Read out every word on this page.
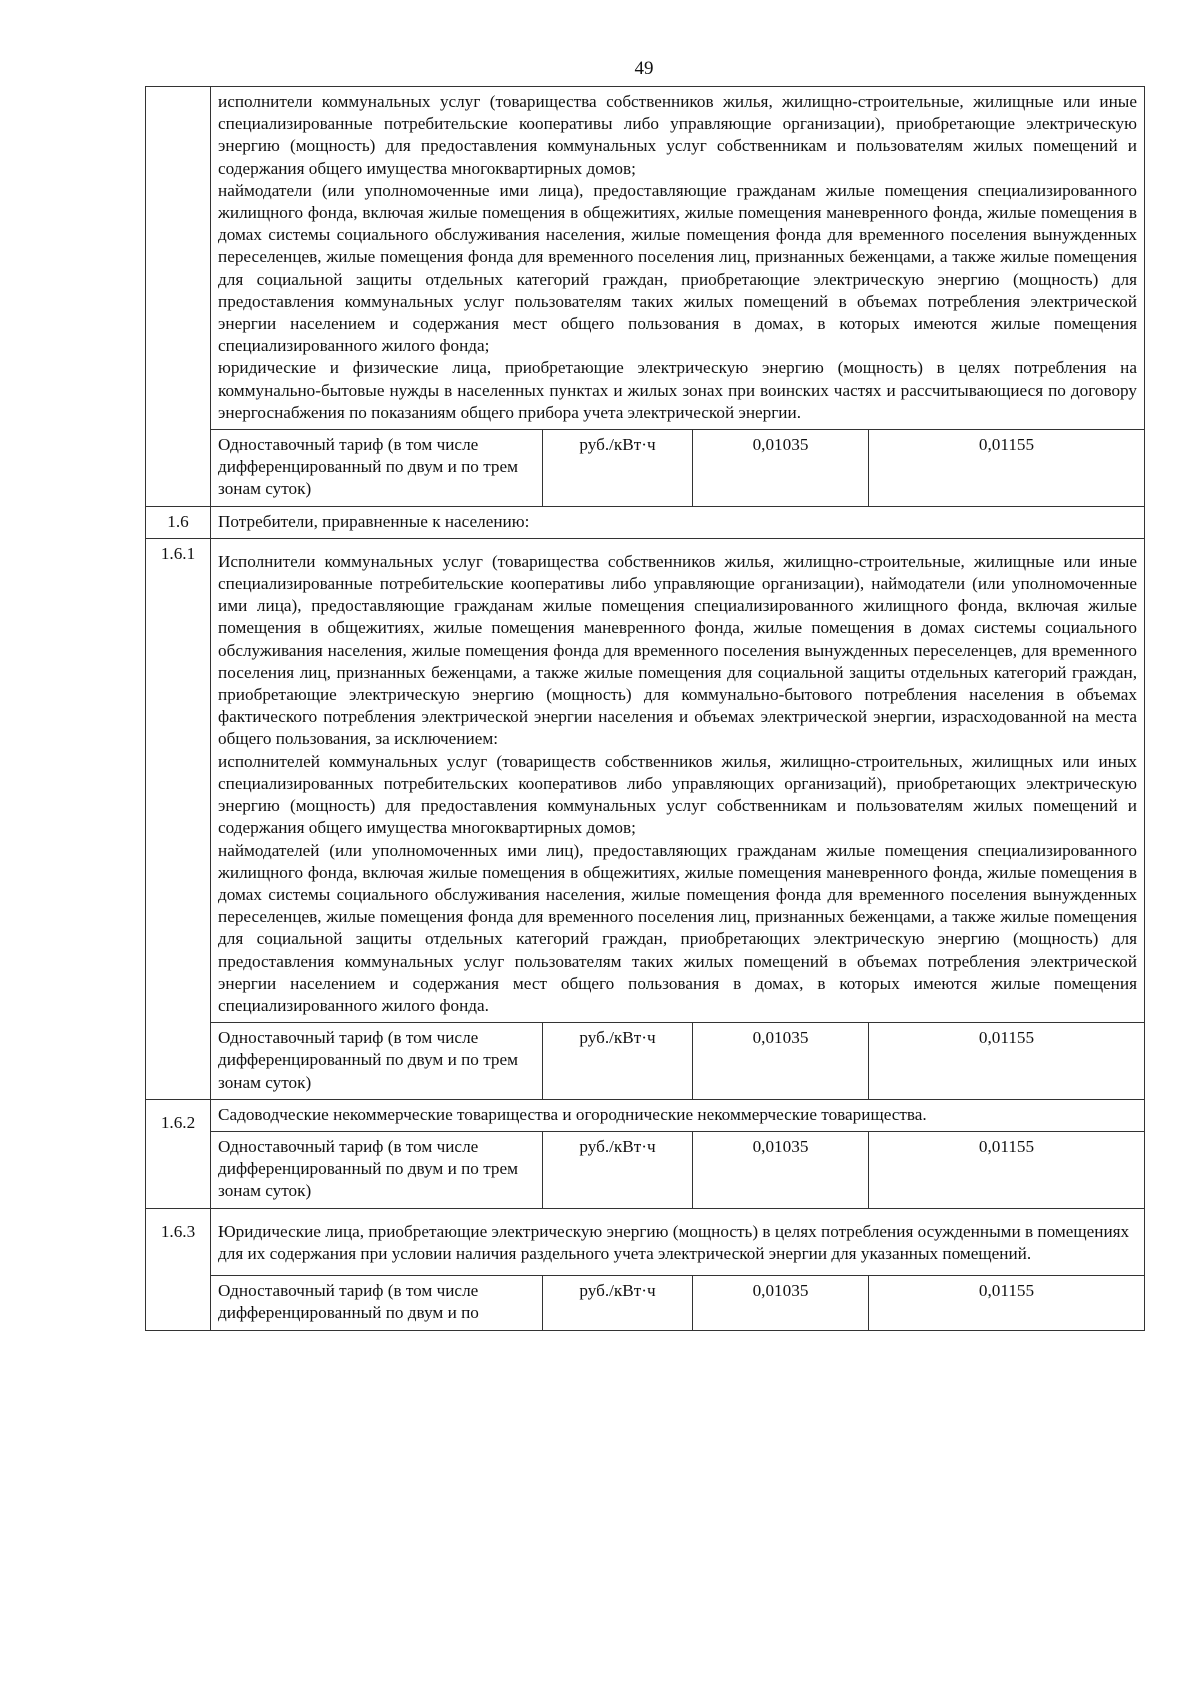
49

	исполнители коммунальных услуг (товарищества собственников жилья, жилищно-строительные, жилищные или иные специализированные потребительские кооперативы либо управляющие организации), приобретающие электрическую энергию (мощность) для предоставления коммунальных услуг собственникам и пользователям жилых помещений и содержания общего имущества многоквартирных домов;
наймодатели (или уполномоченные ими лица), предоставляющие гражданам жилые помещения специализированного жилищного фонда, включая жилые помещения в общежитиях, жилые помещения маневренного фонда, жилые помещения в домах системы социального обслуживания населения, жилые помещения фонда для временного поселения вынужденных переселенцев, жилые помещения фонда для временного поселения лиц, признанных беженцами, а также жилые помещения для социальной защиты отдельных категорий граждан, приобретающие электрическую энергию (мощность) для предоставления коммунальных услуг пользователям таких жилых помещений в объемах потребления электрической энергии населением и содержания мест общего пользования в домах, в которых имеются жилые помещения специализированного жилого фонда;
юридические и физические лица, приобретающие электрическую энергию (мощность) в целях потребления на коммунально-бытовые нужды в населенных пунктах и жилых зонах при воинских частях и рассчитывающиеся по договору энергоснабжения по показаниям общего прибора учета электрической энергии.			

	Одноставочный тариф (в том числе дифференцированный по двум и по трем зонам суток)	руб./кВт·ч	0,01035	0,01155
1.6	Потребители, приравненные к населению:			
1.6.1	Исполнители коммунальных услуг (товарищества собственников жилья, жилищно-строительные, жилищные или иные специализированные потребительские кооперативы либо управляющие организации), наймодатели (или уполномоченные ими лица), предоставляющие гражданам жилые помещения специализированного жилищного фонда, включая жилые помещения в общежитиях, жилые помещения маневренного фонда, жилые помещения в домах системы социального обслуживания населения, жилые помещения фонда для временного поселения вынужденных переселенцев, для временного поселения лиц, признанных беженцами, а также жилые помещения для социальной защиты отдельных категорий граждан, приобретающие электрическую энергию (мощность) для коммунально-бытового потребления населения в объемах фактического потребления электрической энергии населения и объемах электрической энергии, израсходованной на места общего пользования, за исключением:
исполнителей коммунальных услуг (товариществ собственников жилья, жилищно-строительных, жилищных или иных специализированных потребительских кооперативов либо управляющих организаций), приобретающих электрическую энергию (мощность) для предоставления коммунальных услуг собственникам и пользователям жилых помещений и содержания общего имущества многоквартирных домов;
наймодателей (или уполномоченных ими лиц), предоставляющих гражданам жилые помещения специализированного жилищного фонда, включая жилые помещения в общежитиях, жилые помещения маневренного фонда, жилые помещения в домах системы социального обслуживания населения, жилые помещения фонда для временного поселения вынужденных переселенцев, жилые помещения фонда для временного поселения лиц, признанных беженцами, а также жилые помещения для социальной защиты отдельных категорий граждан, приобретающих электрическую энергию (мощность) для предоставления коммунальных услуг пользователям таких жилых помещений в объемах потребления электрической энергии населением и содержания мест общего пользования в домах, в которых имеются жилые помещения специализированного жилого фонда.			

	Одноставочный тариф (в том числе дифференцированный по двум и по трем зонам суток)	руб./кВт·ч	0,01035	0,01155
1.6.2	Садоводческие некоммерческие товарищества и огороднические некоммерческие товарищества.			
	Одноставочный тариф (в том числе дифференцированный по двум и по трем зонам суток)	руб./кВт·ч	0,01035	0,01155
1.6.3	Юридические лица, приобретающие электрическую энергию (мощность) в целях потребления осужденными в помещениях для их содержания при условии наличия раздельного учета электрической энергии для указанных помещений.			
	Одноставочный тариф (в том числе дифференцированный по двум и по	руб./кВт·ч	0,01035	0,01155
